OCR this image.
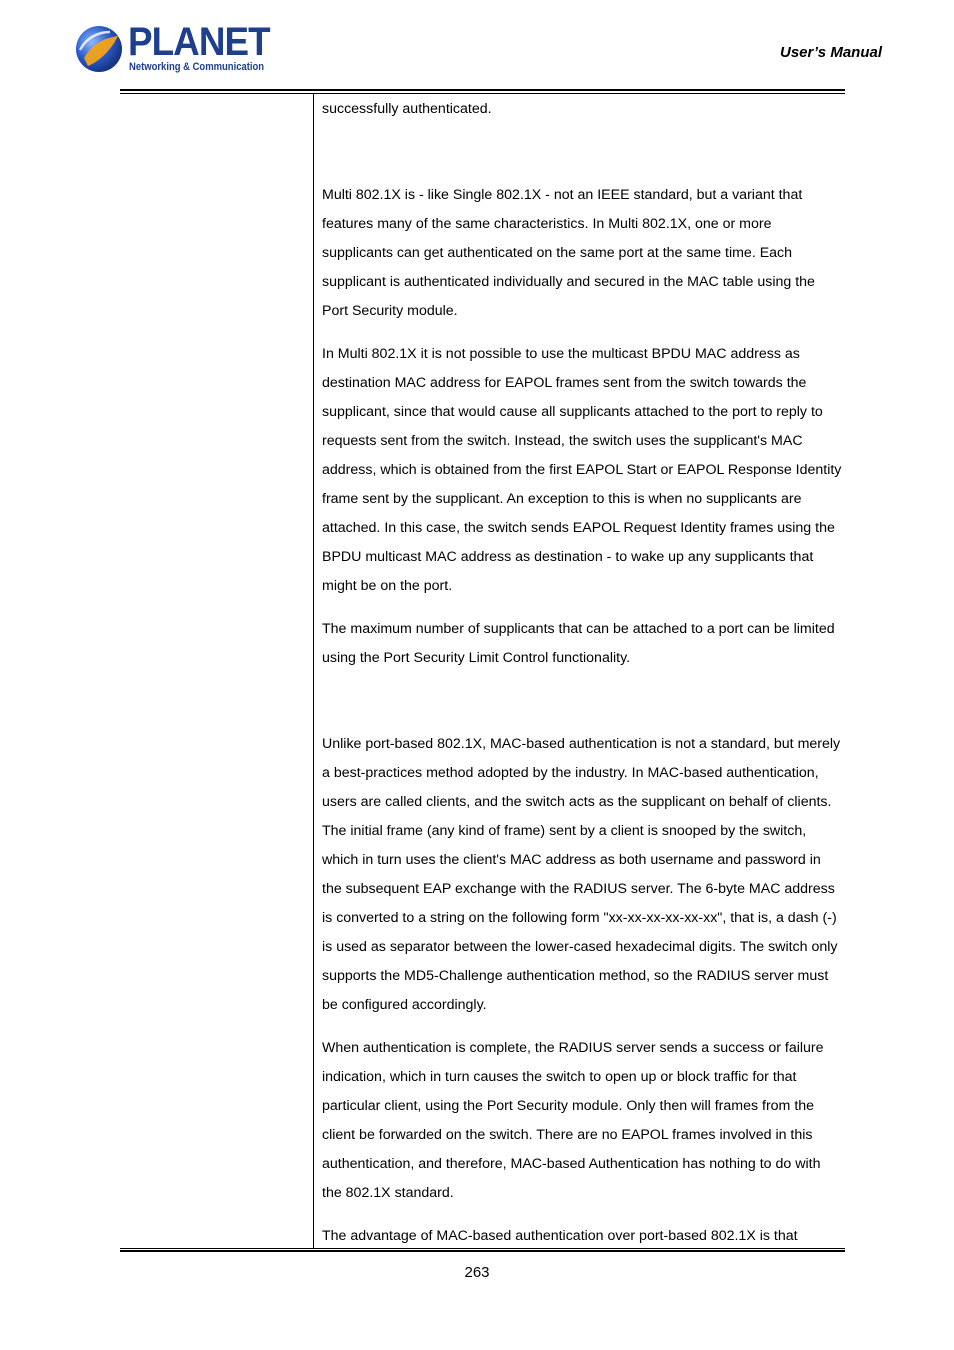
PLANET
Networking & Communication
User’s Manual

successfully authenticated.

Multi 802.1X is - like Single 802.1X - not an IEEE standard, but a variant that features many of the same characteristics. In Multi 802.1X, one or more supplicants can get authenticated on the same port at the same time. Each supplicant is authenticated individually and secured in the MAC table using the Port Security module.

In Multi 802.1X it is not possible to use the multicast BPDU MAC address as destination MAC address for EAPOL frames sent from the switch towards the supplicant, since that would cause all supplicants attached to the port to reply to requests sent from the switch. Instead, the switch uses the supplicant's MAC address, which is obtained from the first EAPOL Start or EAPOL Response Identity frame sent by the supplicant. An exception to this is when no supplicants are attached. In this case, the switch sends EAPOL Request Identity frames using the BPDU multicast MAC address as destination - to wake up any supplicants that might be on the port.

The maximum number of supplicants that can be attached to a port can be limited using the Port Security Limit Control functionality.

Unlike port-based 802.1X, MAC-based authentication is not a standard, but merely a best-practices method adopted by the industry. In MAC-based authentication, users are called clients, and the switch acts as the supplicant on behalf of clients. The initial frame (any kind of frame) sent by a client is snooped by the switch, which in turn uses the client's MAC address as both username and password in the subsequent EAP exchange with the RADIUS server. The 6-byte MAC address is converted to a string on the following form "xx-xx-xx-xx-xx-xx", that is, a dash (-) is used as separator between the lower-cased hexadecimal digits. The switch only supports the MD5-Challenge authentication method, so the RADIUS server must be configured accordingly.

When authentication is complete, the RADIUS server sends a success or failure indication, which in turn causes the switch to open up or block traffic for that particular client, using the Port Security module. Only then will frames from the client be forwarded on the switch. There are no EAPOL frames involved in this authentication, and therefore, MAC-based Authentication has nothing to do with the 802.1X standard.

The advantage of MAC-based authentication over port-based 802.1X is that

263
